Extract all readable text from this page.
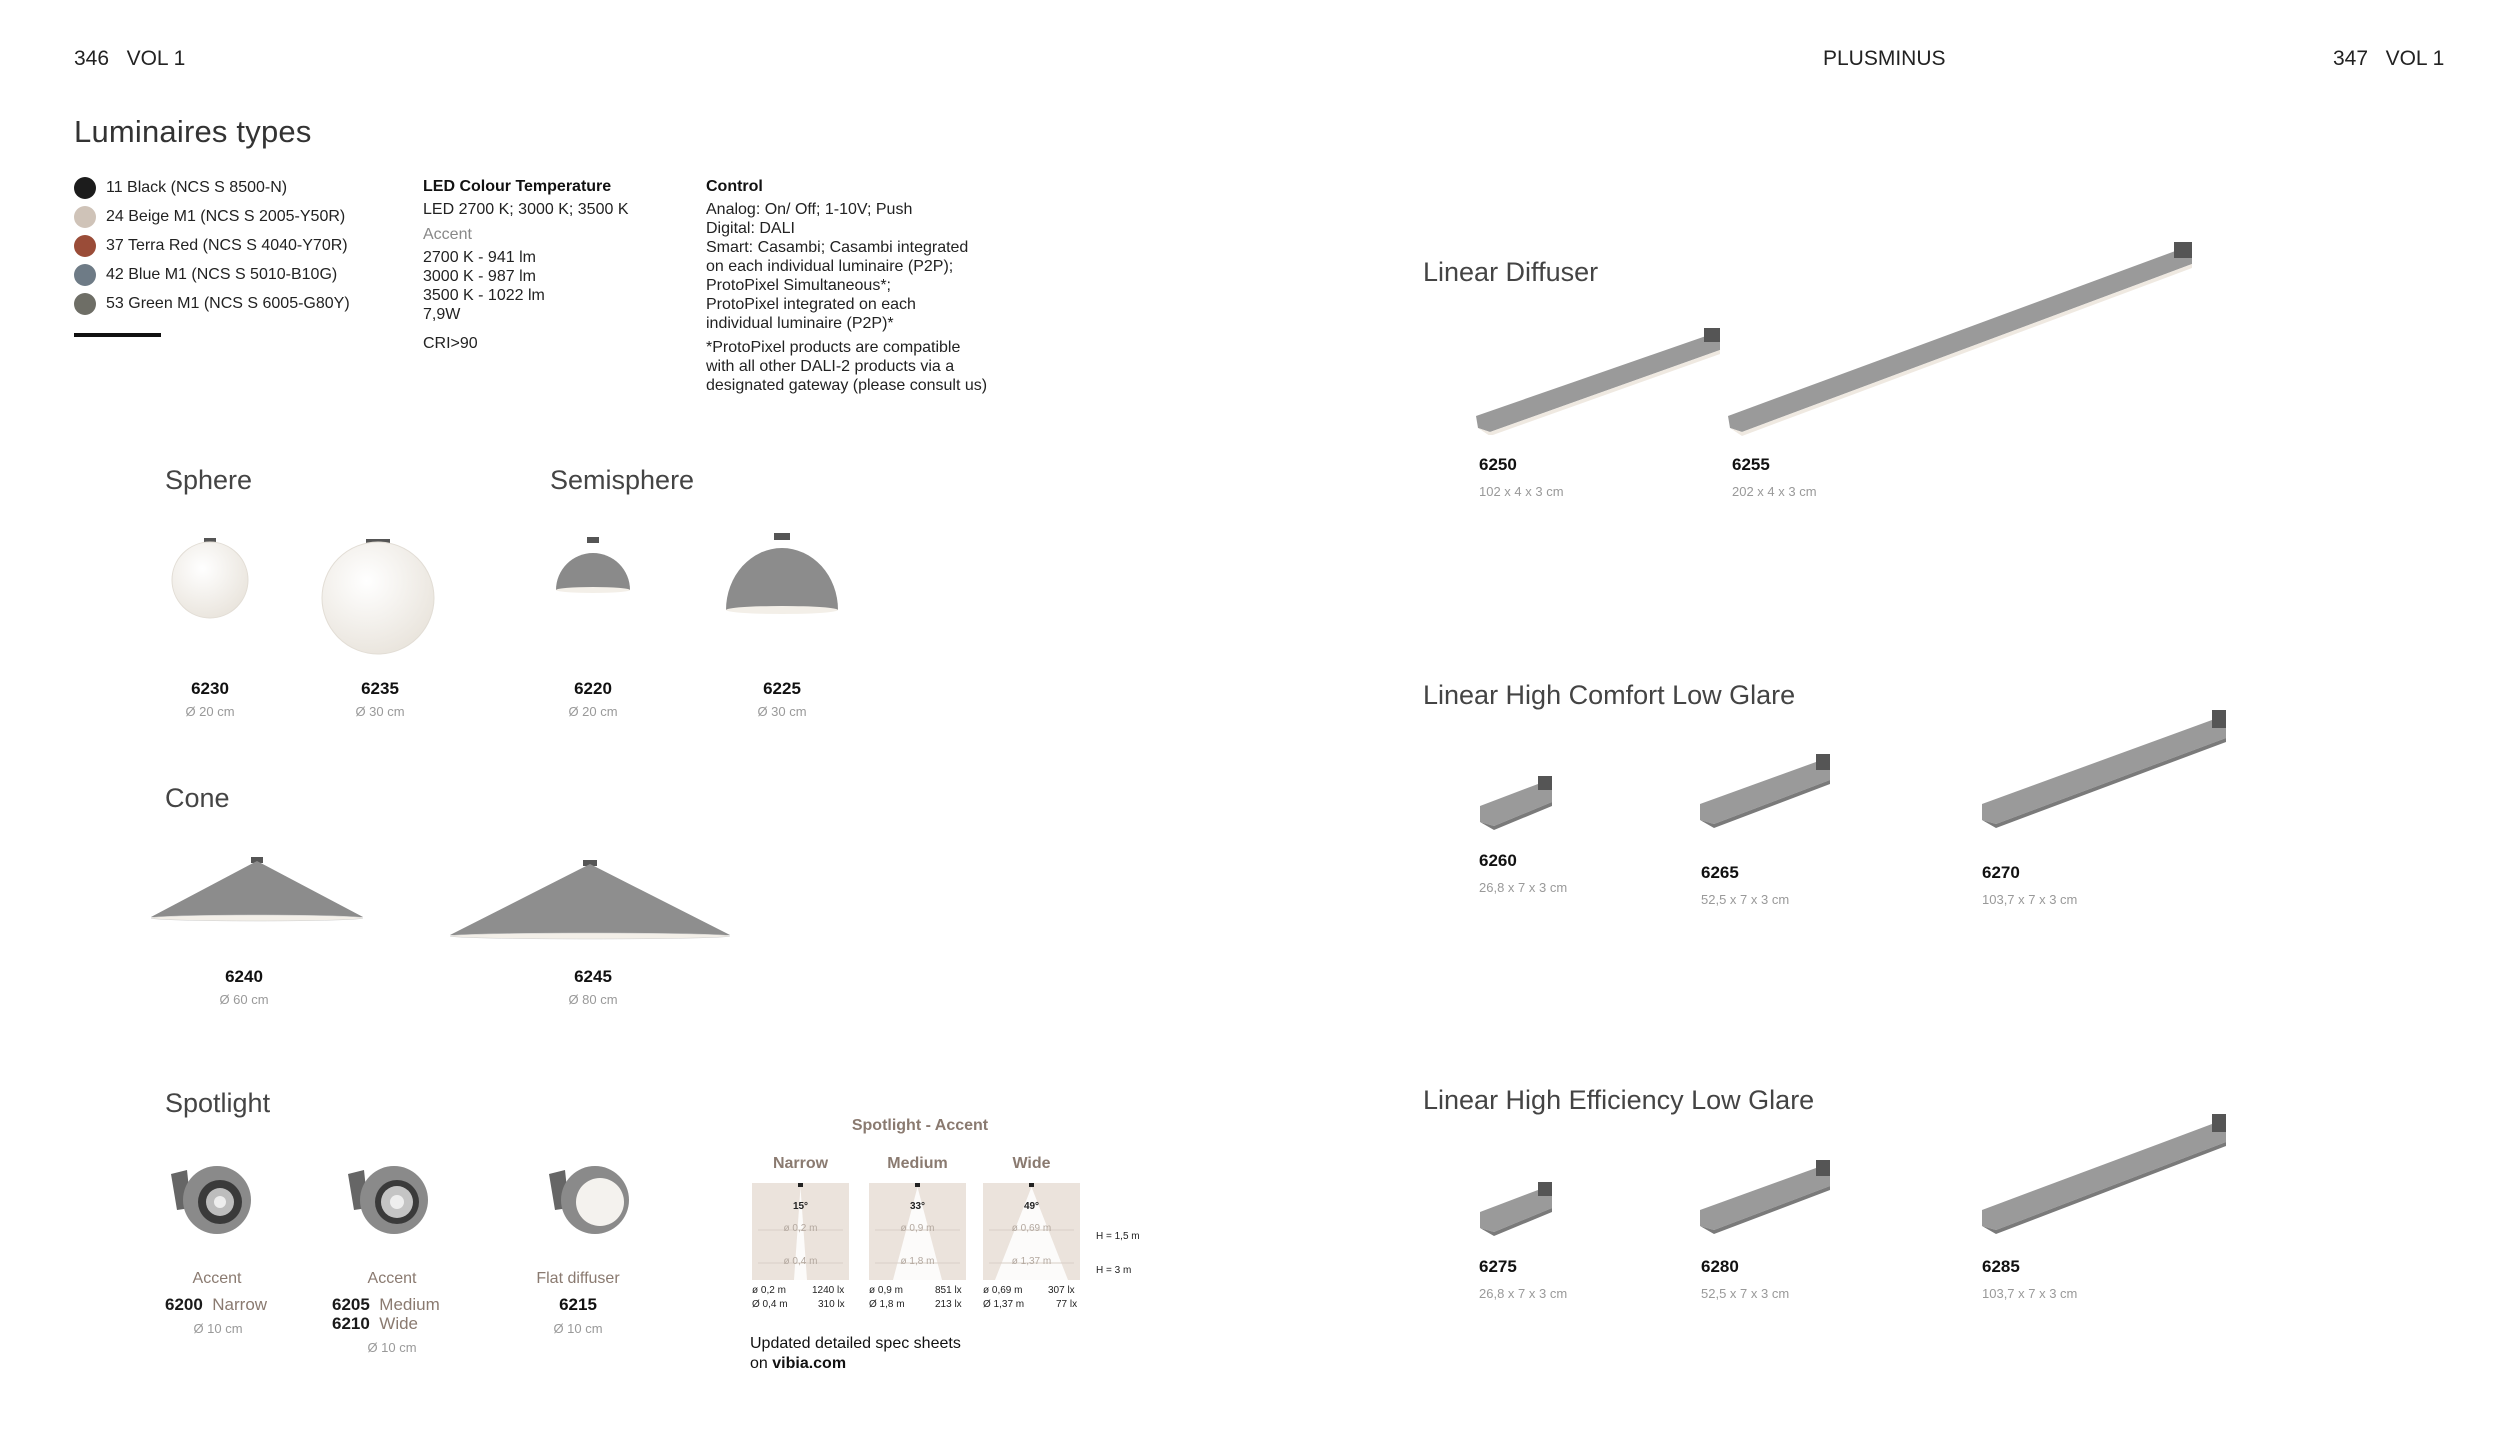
346 VOL 1	PLUSMINUS	347 VOL 1
Luminaires types
11 Black (NCS S 8500-N)
24 Beige M1 (NCS S 2005-Y50R)
37 Terra Red (NCS S 4040-Y70R)
42 Blue M1 (NCS S 5010-B10G)
53 Green M1 (NCS S 6005-G80Y)
LED Colour Temperature
LED 2700 K; 3000 K; 3500 K
Accent
2700 K - 941 lm
3000 K - 987 lm
3500 K - 1022 lm
7,9W
CRI>90
Control
Analog: On/ Off; 1-10V; Push
Digital: DALI
Smart: Casambi; Casambi integrated
on each individual luminaire (P2P);
ProtoPixel Simultaneous*;
ProtoPixel integrated on each
individual luminaire (P2P)*
*ProtoPixel products are compatible
with all other DALI-2 products via a
designated gateway (please consult us)
Sphere
6230
Ø 20 cm
6235
Ø 30 cm
Semisphere
6220
Ø 20 cm
6225
Ø 30 cm
Cone
6240
Ø 60 cm
6245
Ø 80 cm
Spotlight
Accent
6200 Narrow
Ø 10 cm
Accent
6205 Medium
6210 Wide
Ø 10 cm
Flat diffuser
6215
Ø 10 cm
Spotlight - Accent
Narrow	Medium	Wide
15°
ø 0,2 m
ø 0,4 m
33°
ø 0,9 m
ø 1,8 m
49°
ø 0,69 m
ø 1,37 m
H = 1,5 m
H = 3 m
ø 0,2 m	1240 lx
Ø 0,4 m	310 lx
ø 0,9 m	851 lx
Ø 1,8 m	213 lx
ø 0,69 m	307 lx
Ø 1,37 m	77 lx
Updated detailed spec sheets
on vibia.com
Linear Diffuser
6250
102 x 4 x 3 cm
6255
202 x 4 x 3 cm
Linear High Comfort Low Glare
6260
26,8 x 7 x 3 cm
6265
52,5 x 7 x 3 cm
6270
103,7 x 7 x 3 cm
Linear High Efficiency Low Glare
6275
26,8 x 7 x 3 cm
6280
52,5 x 7 x 3 cm
6285
103,7 x 7 x 3 cm
